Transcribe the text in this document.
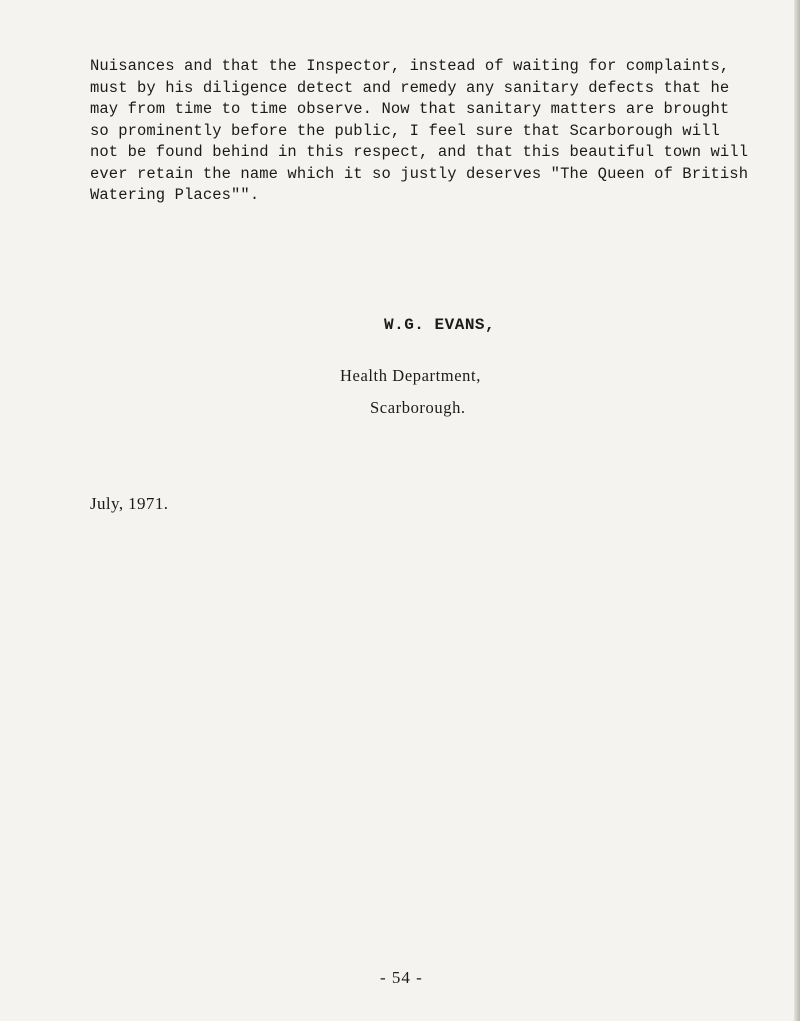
Nuisances and that the Inspector, instead of waiting for complaints,
must by his diligence detect and remedy any sanitary defects that he
may from time to time observe. Now that sanitary matters are brought
so prominently before the public, I feel sure that Scarborough will
not be found behind in this respect, and that this beautiful town will
ever retain the name which it so justly deserves "The Queen of British
Watering Places"".
W.G. EVANS,
Health Department,
Scarborough.
July, 1971.
- 54 -
